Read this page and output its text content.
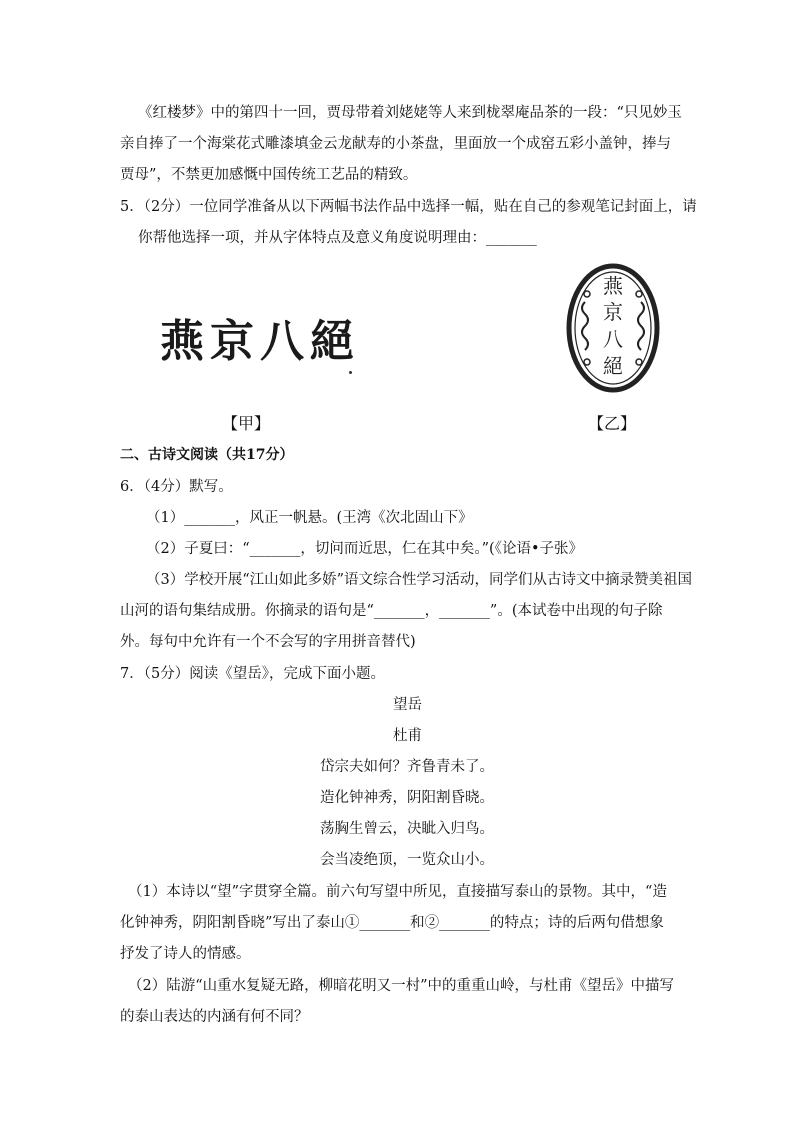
《红楼梦》中的第四十一回，贾母带着刘姥姥等人来到栊翠庵品茶的一段：“只见妙玉
亲自捧了一个海棠花式雕漆填金云龙献寿的小茶盘，里面放一个成窑五彩小盖钟，捧与
贾母”，不禁更加感慨中国传统工艺品的精致。
5．（2分）一位同学准备从以下两幅书法作品中选择一幅，贴在自己的参观笔记封面上，请
你帮他选择一项，并从字体特点及意义角度说明理由：_______
燕京八絕
燕
京
八
絕
【甲】	【乙】
二、古诗文阅读（共17分）
6．（4分）默写。
（1）_______，风正一帆悬。(王湾《次北固山下》
（2）子夏曰：“_______，切问而近思，仁在其中矣。”(《论语•子张》
（3）学校开展“江山如此多娇”语文综合性学习活动，同学们从古诗文中摘录赞美祖国
山河的语句集结成册。你摘录的语句是“_______，_______”。(本试卷中出现的句子除
外。每句中允许有一个不会写的字用拼音替代)
7．（5分）阅读《望岳》，完成下面小题。
望岳
杜甫
岱宗夫如何？齐鲁青未了。
造化钟神秀，阴阳割昏晓。
荡胸生曾云，决眦入归鸟。
会当凌绝顶，一览众山小。
（1）本诗以“望”字贯穿全篇。前六句写望中所见，直接描写泰山的景物。其中，“造
化钟神秀，阴阳割昏晓”写出了泰山①_______和②_______的特点；诗的后两句借想象
抒发了诗人的情感。
（2）陆游“山重水复疑无路，柳暗花明又一村”中的重重山岭，与杜甫《望岳》中描写
的泰山表达的内涵有何不同？
